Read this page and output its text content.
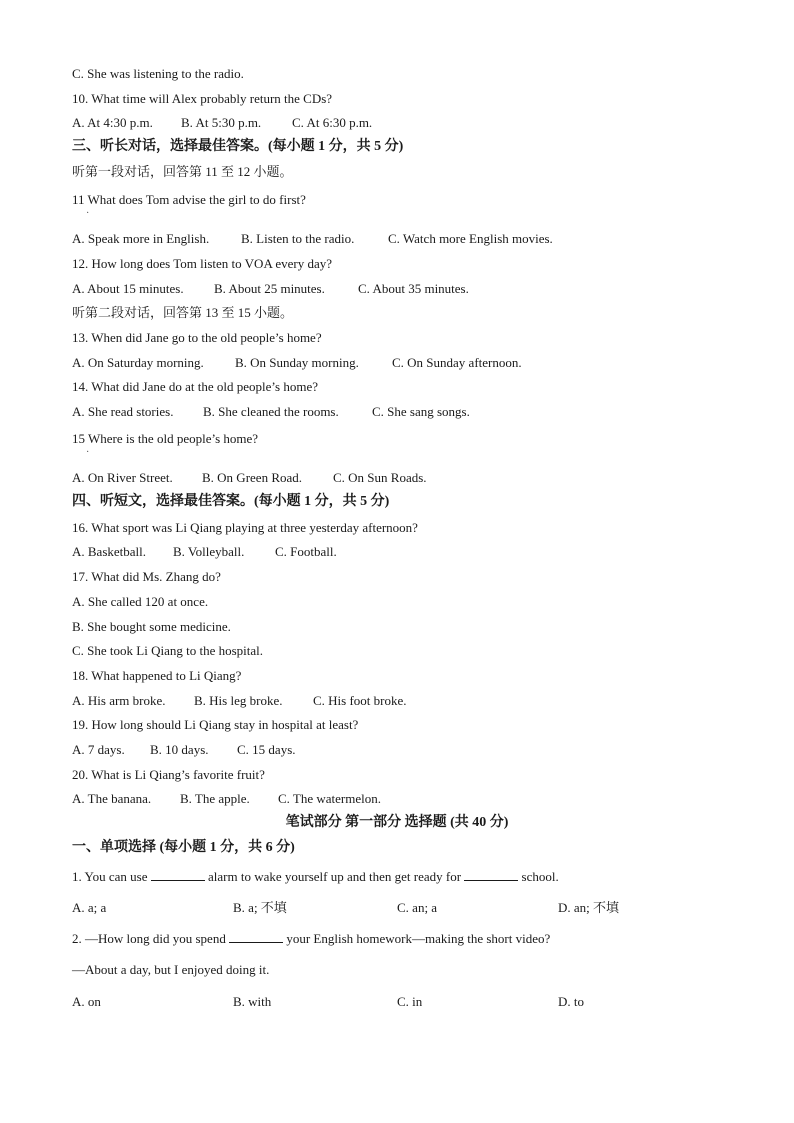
C. She was listening to the radio.
10. What time will Alex probably return the CDs?
A. At 4:30 p.m. B. At 5:30 p.m. C. At 6:30 p.m.
三、听长对话，选择最佳答案。(每小题 1 分，共 5 分)
听第一段对话，回答第 11 至 12 小题。
11 What does Tom advise the girl to do first?
·
A. Speak more in English. B. Listen to the radio.	C. Watch more English movies.
12. How long does Tom listen to VOA every day?
A. About 15 minutes. B. About 25 minutes.	C. About 35 minutes.
听第二段对话，回答第 13 至 15 小题。
13. When did Jane go to the old people’s home?
A. On Saturday morning. B. On Sunday morning.	C. On Sunday afternoon.
14. What did Jane do at the old people’s home?
A. She read stories. B. She cleaned the rooms.	C. She sang songs.
15 Where is the old people’s home?
·
A. On River Street. B. On Green Road. C. On Sun Roads.
四、听短文，选择最佳答案。(每小题 1 分，共 5 分)
16. What sport was Li Qiang playing at three yesterday afternoon?
A. Basketball. B. Volleyball. C. Football.
17. What did Ms. Zhang do?
A. She called 120 at once.
B. She bought some medicine.
C. She took Li Qiang to the hospital.
18. What happened to Li Qiang?
A. His arm broke. B. His leg broke. C. His foot broke.
19. How long should Li Qiang stay in hospital at least?
A. 7 days. B. 10 days. C. 15 days.
20. What is Li Qiang’s favorite fruit?
A. The banana. B. The apple. C. The watermelon.
笔试部分 第一部分 选择题 (共 40 分)
一、单项选择 (每小题 1 分，共 6 分)
1. You can use	alarm to wake yourself up and then get ready for	school.
A. a; a	B. a; 不填	C. an; a	D. an; 不填
2. —How long did you spend	your English homework—making the short video?
—About a day, but I enjoyed doing it.
A. on	B. with	C. in	D. to
